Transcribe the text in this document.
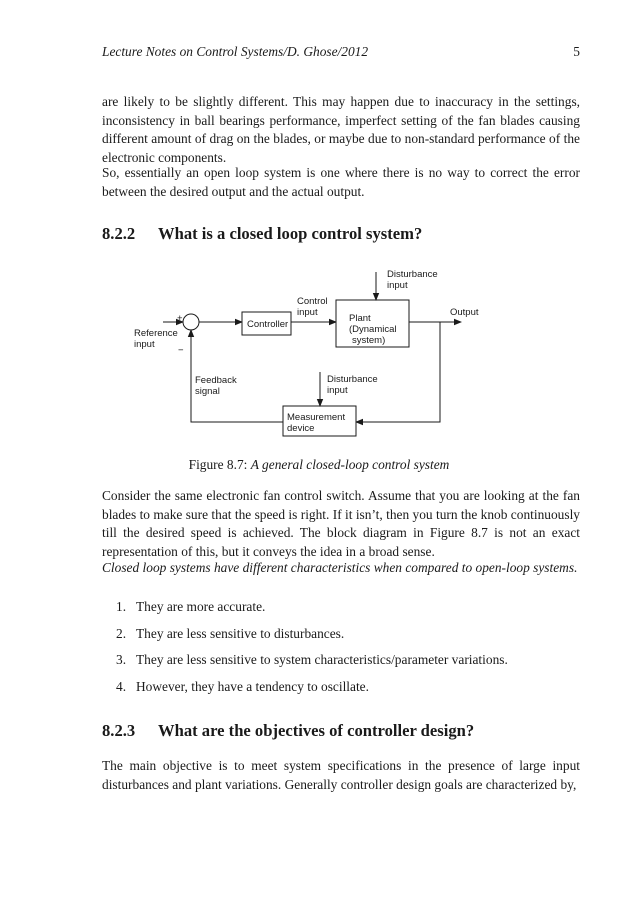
Lecture Notes on Control Systems/D. Ghose/2012	5

are likely to be slightly different. This may happen due to inaccuracy in the settings, inconsistency in ball bearings performance, imperfect setting of the fan blades causing different amount of drag on the blades, or maybe due to non-standard performance of the electronic components.

So, essentially an open loop system is one where there is no way to correct the error between the desired output and the actual output.

8.2.2 What is a closed loop control system?
+
−
Reference
input
Controller
Control
input
Plant
(Dynamical
system)
Disturbance
input
Output
Feedback
signal
Disturbance
input
Measurement
device
Figure 8.7: A general closed-loop control system

Consider the same electronic fan control switch. Assume that you are looking at the fan blades to make sure that the speed is right. If it isn’t, then you turn the knob continuously till the desired speed is achieved. The block diagram in Figure 8.7 is not an exact representation of this, but it conveys the idea in a broad sense.

Closed loop systems have different characteristics when compared to open-loop systems.

1. They are more accurate.
2. They are less sensitive to disturbances.
3. They are less sensitive to system characteristics/parameter variations.
4. However, they have a tendency to oscillate.
8.2.3 What are the objectives of controller design?

The main objective is to meet system specifications in the presence of large input disturbances and plant variations. Generally controller design goals are characterized by,
